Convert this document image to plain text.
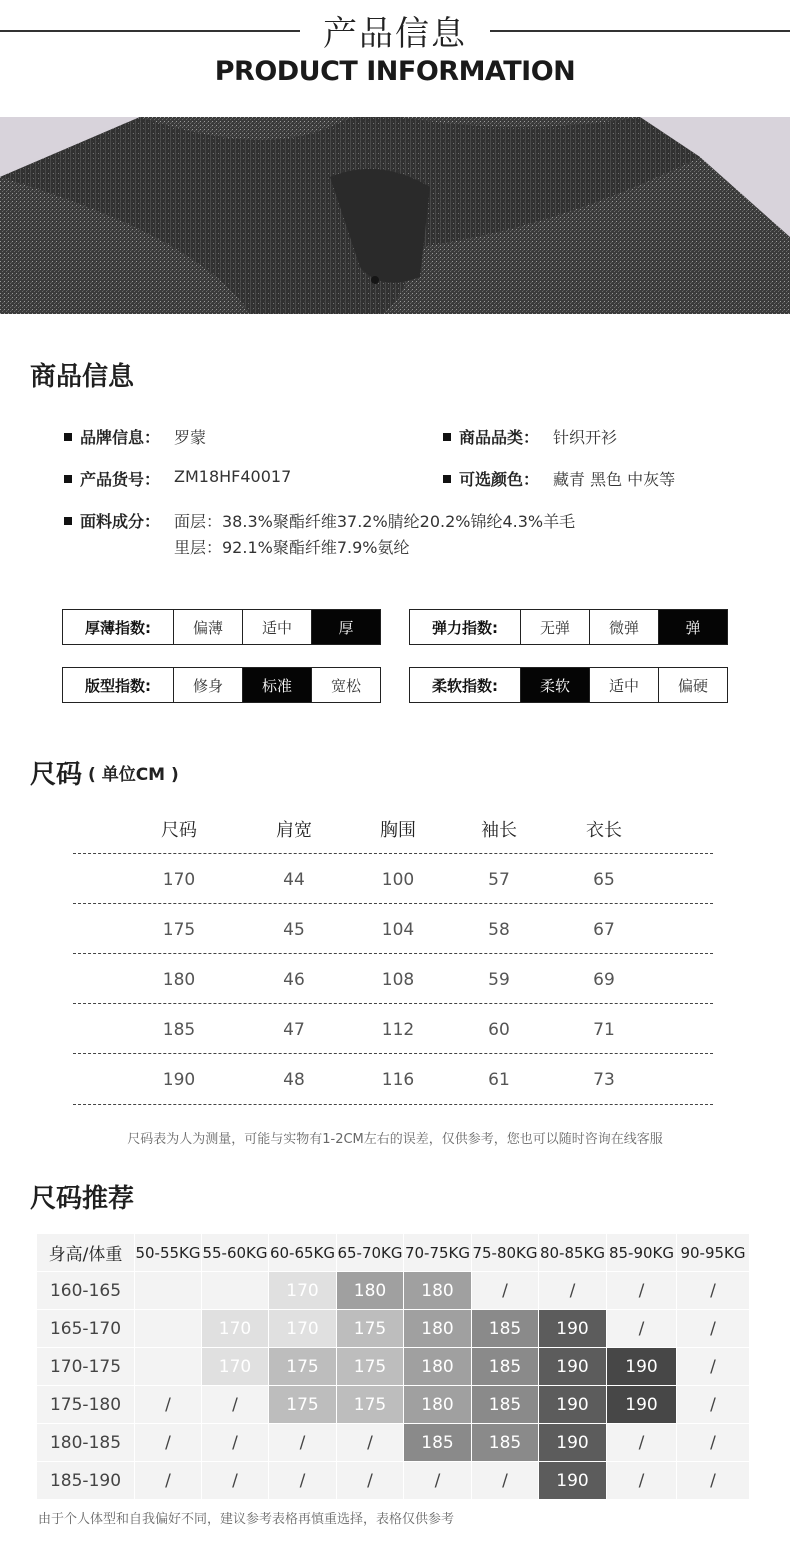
产品信息
PRODUCT INFORMATION
商品信息
品牌信息： 罗蒙	商品品类： 针织开衫
产品货号： ZM18HF40017	可选颜色： 藏青 黑色 中灰等
面料成分： 面层：38.3%聚酯纤维37.2%腈纶20.2%锦纶4.3%羊毛
里层：92.1%聚酯纤维7.9%氨纶
厚薄指数:	偏薄	适中	厚	弹力指数:	无弹	微弹	弹
版型指数:	修身	标准	宽松	柔软指数:	柔软	适中	偏硬
尺码 ( 单位CM )
尺码	肩宽	胸围	袖长	衣长
170	44	100	57	65
175	45	104	58	67
180	46	108	59	69
185	47	112	60	71
190	48	116	61	73
尺码表为人为测量，可能与实物有1-2CM左右的误差，仅供参考，您也可以随时咨询在线客服
尺码推荐
身高/体重	50-55KG	55-60KG	60-65KG	65-70KG	70-75KG	75-80KG	80-85KG	85-90KG	90-95KG
160-165			170	180	180	/	/	/	/
165-170		170	170	175	180	185	190	/	/
170-175		170	175	175	180	185	190	190	/
175-180	/	/	175	175	180	185	190	190	/
180-185	/	/	/	/	185	185	190	/	/
185-190	/	/	/	/	/	/	190	/	/
由于个人体型和自我偏好不同，建议参考表格再慎重选择，表格仅供参考
